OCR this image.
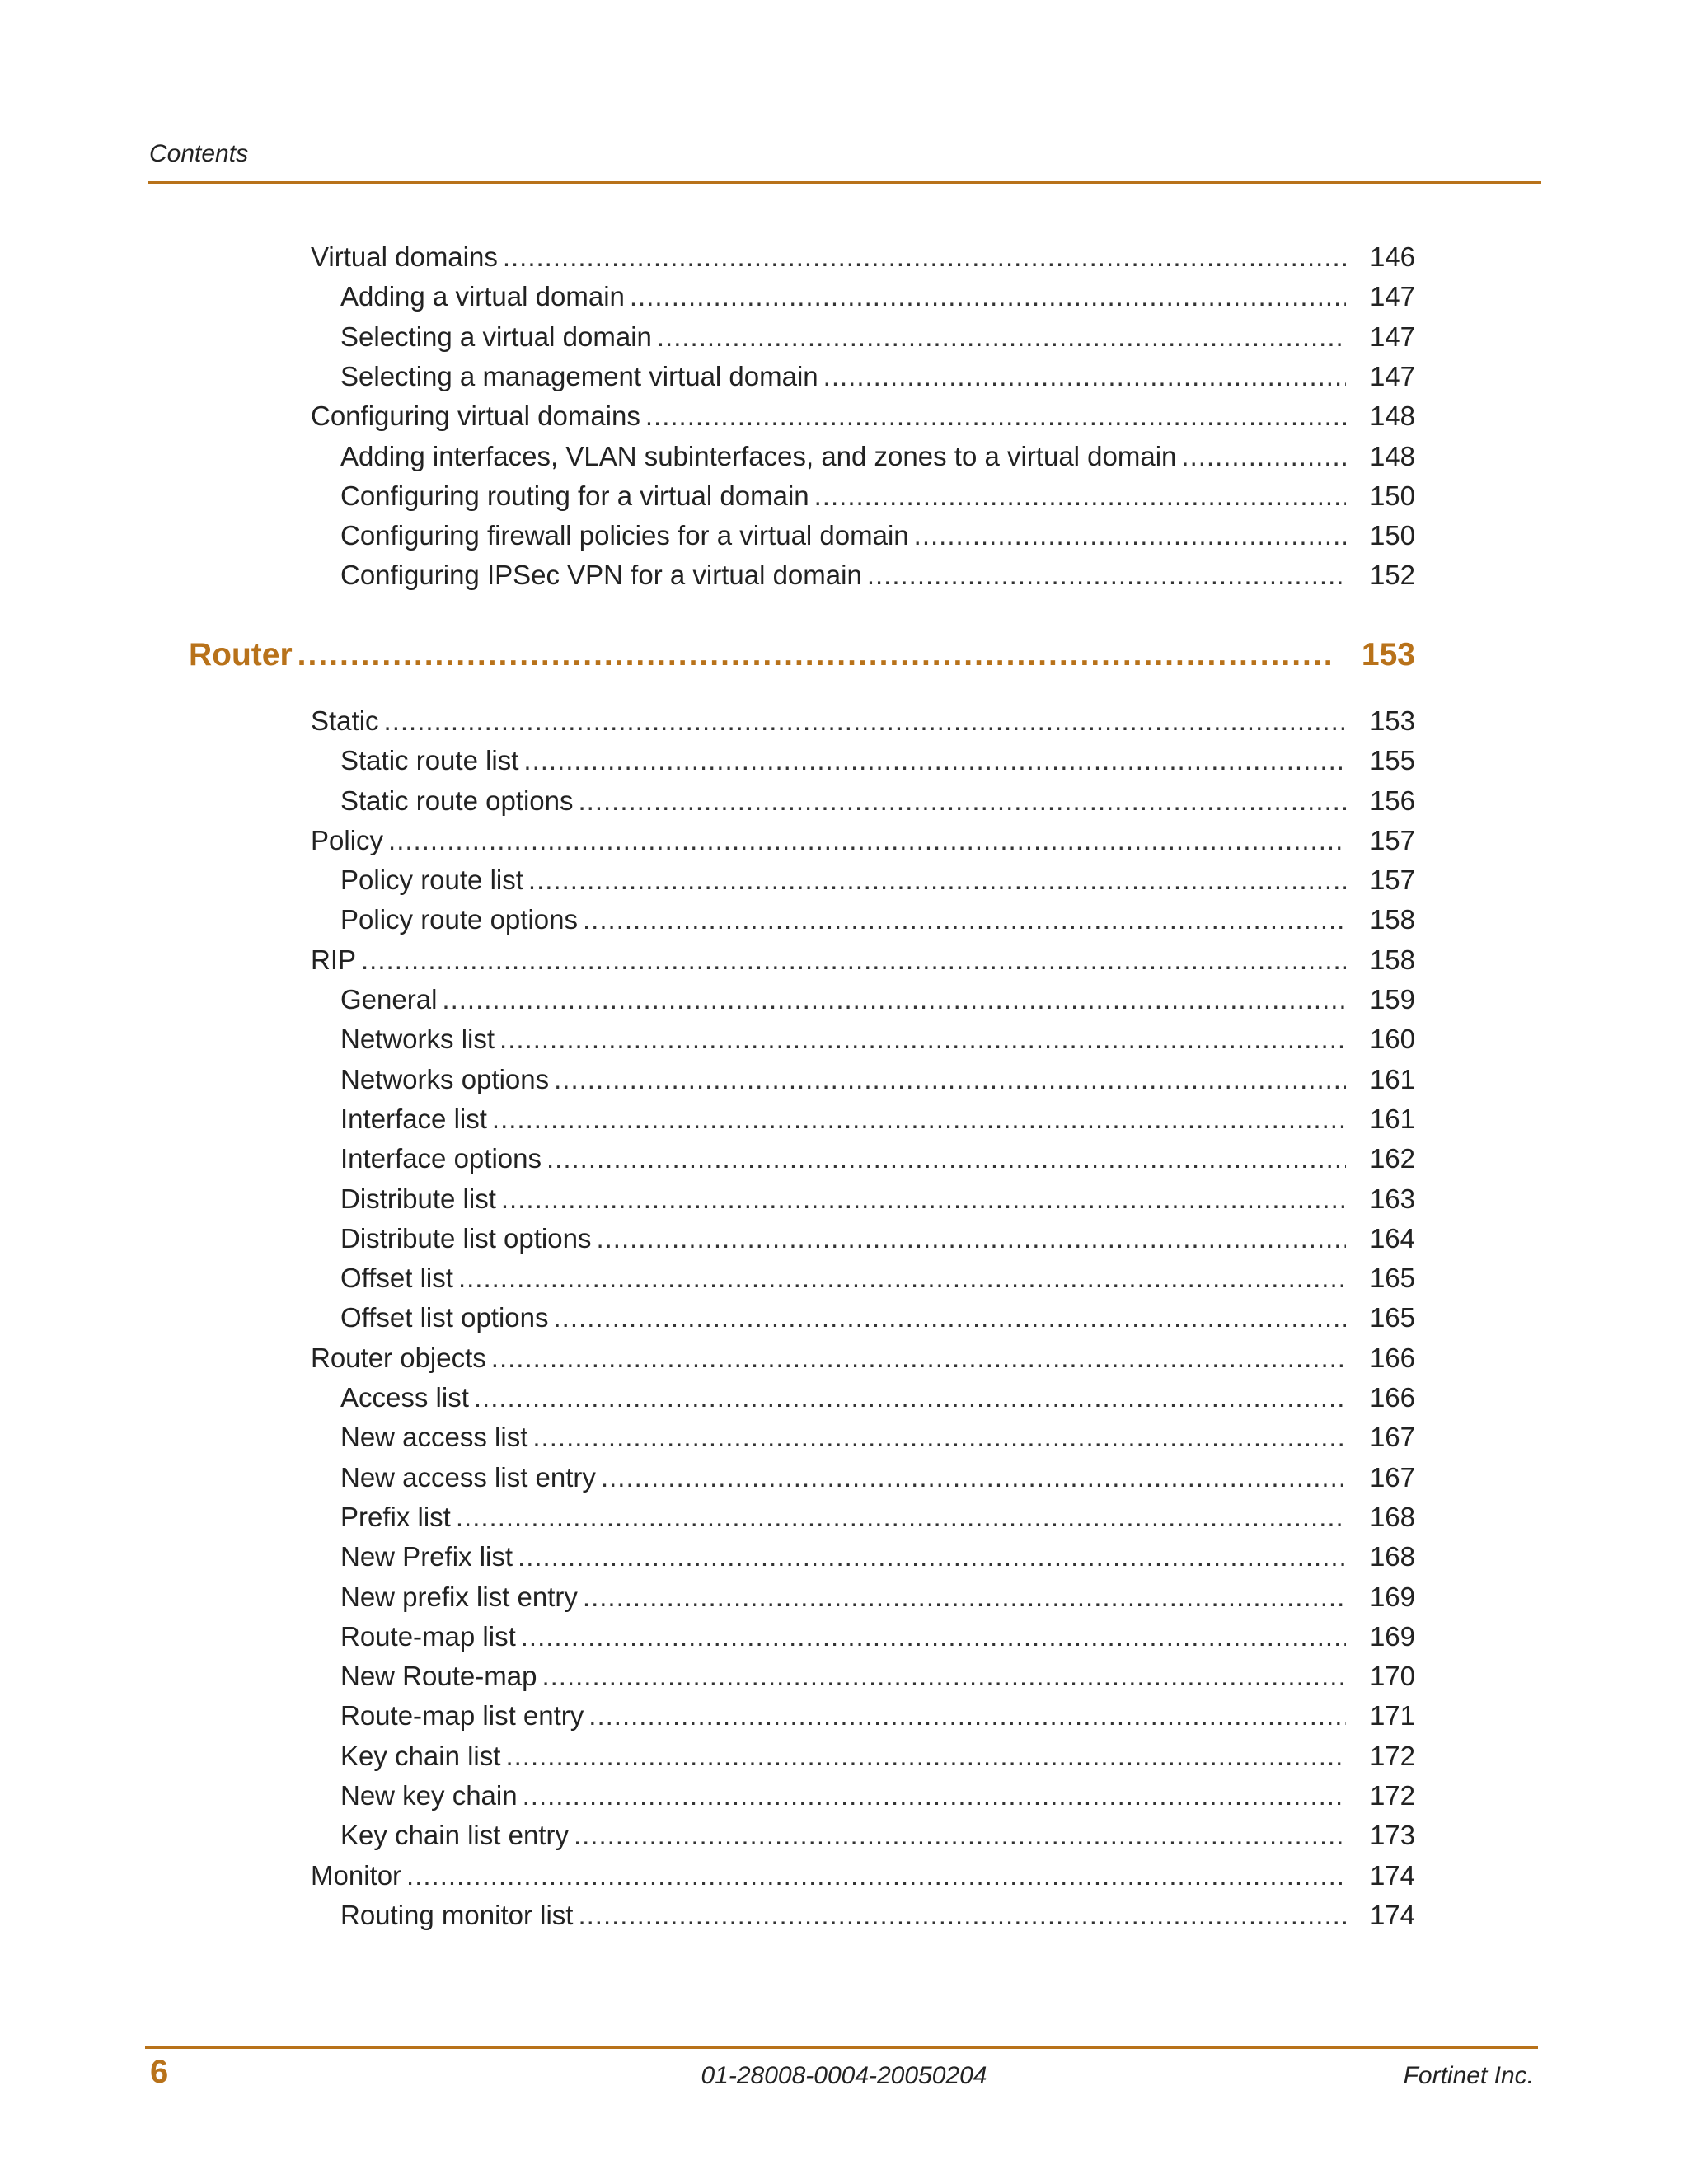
Contents
Virtual domains .....	146
Adding a virtual domain .....	147
Selecting a virtual domain .....	147
Selecting a management virtual domain .....	147
Configuring virtual domains .....	148
Adding interfaces, VLAN subinterfaces, and zones to a virtual domain .....	148
Configuring routing for a virtual domain .....	150
Configuring firewall policies for a virtual domain .....	150
Configuring IPSec VPN for a virtual domain .....	152
Router .....	153
Static .....	153
Static route list .....	155
Static route options .....	156
Policy .....	157
Policy route list .....	157
Policy route options .....	158
RIP .....	158
General .....	159
Networks list .....	160
Networks options .....	161
Interface list .....	161
Interface options .....	162
Distribute list .....	163
Distribute list options .....	164
Offset list .....	165
Offset list options .....	165
Router objects .....	166
Access list .....	166
New access list .....	167
New access list entry .....	167
Prefix list .....	168
New Prefix list .....	168
New prefix list entry .....	169
Route-map list .....	169
New Route-map .....	170
Route-map list entry .....	171
Key chain list .....	172
New key chain .....	172
Key chain list entry .....	173
Monitor .....	174
Routing monitor list .....	174
6	01-28008-0004-20050204	Fortinet Inc.
